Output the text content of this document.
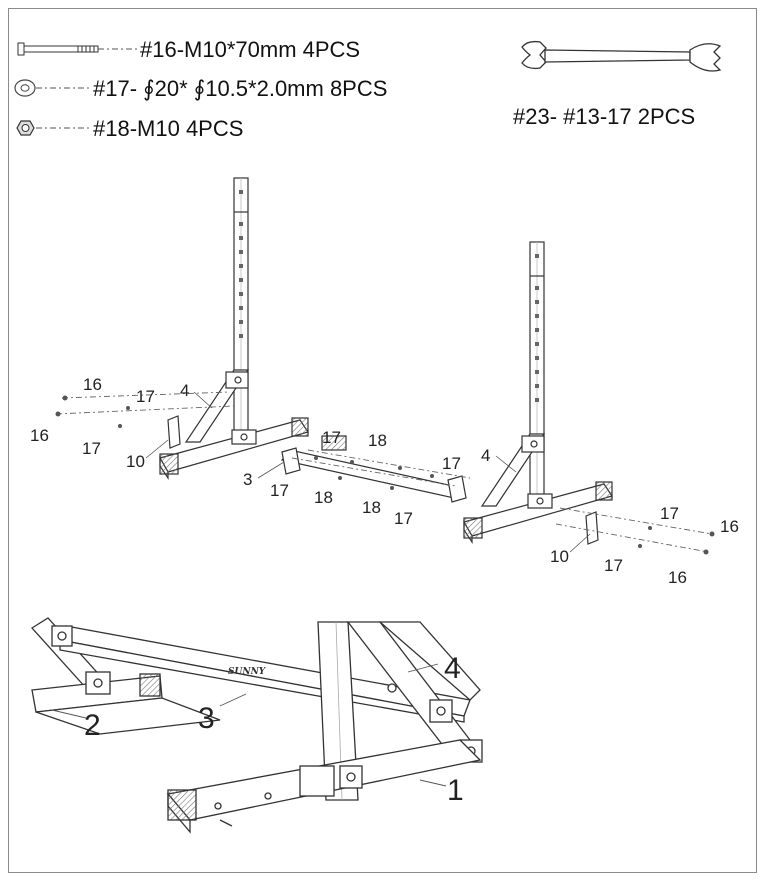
#16-M10*70mm 4PCS
#17- ∮20* ∮10.5*2.0mm 8PCS
#18-M10 4PCS	#23- #13-17 2PCS
16
16
17
17
4
10
3
17
17
17
17
18
18
18
4
10
17
17
16
16
SUNNY
2	3
4
1
